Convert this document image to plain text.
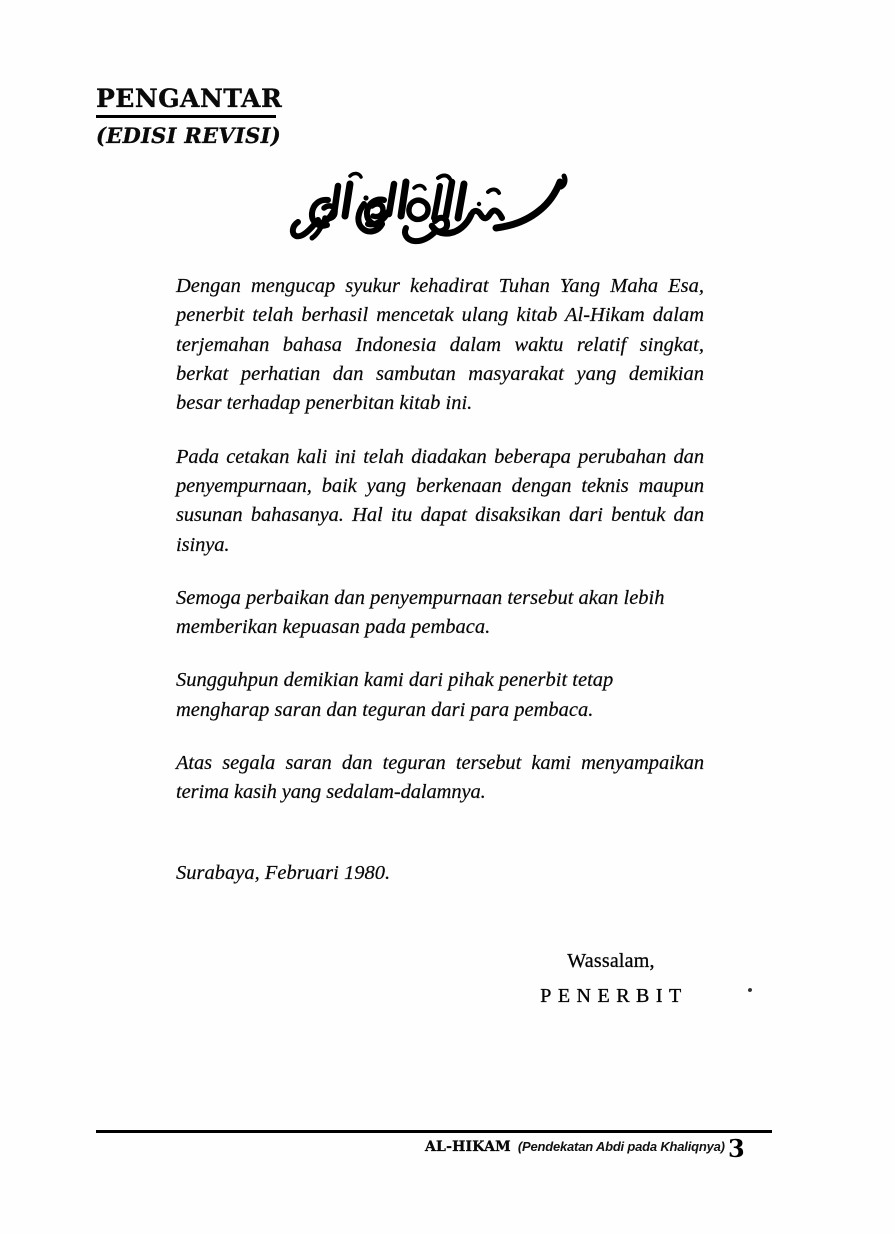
PENGANTAR
(EDISI REVISI)

Dengan mengucap syukur kehadirat Tuhan Yang Maha Esa, penerbit telah berhasil mencetak ulang kitab Al-Hikam dalam terjemahan bahasa Indonesia dalam waktu relatif singkat, berkat perhatian dan sambutan masyarakat yang demikian besar terhadap penerbitan kitab ini.

Pada cetakan kali ini telah diadakan beberapa perubahan dan penyempurnaan, baik yang berkenaan dengan teknis maupun susunan bahasanya. Hal itu dapat disaksikan dari bentuk dan isinya.

Semoga perbaikan dan penyempurnaan tersebut akan lebih memberikan kepuasan pada pembaca.

Sungguhpun demikian kami dari pihak penerbit tetap mengharap saran dan teguran dari para pembaca.

Atas segala saran dan teguran tersebut kami menyampaikan terima kasih yang sedalam-dalamnya.

Surabaya, Februari 1980.
Wassalam,
PENERBIT
AL-HIKAM (Pendekatan Abdi pada Khaliqnya) 3
